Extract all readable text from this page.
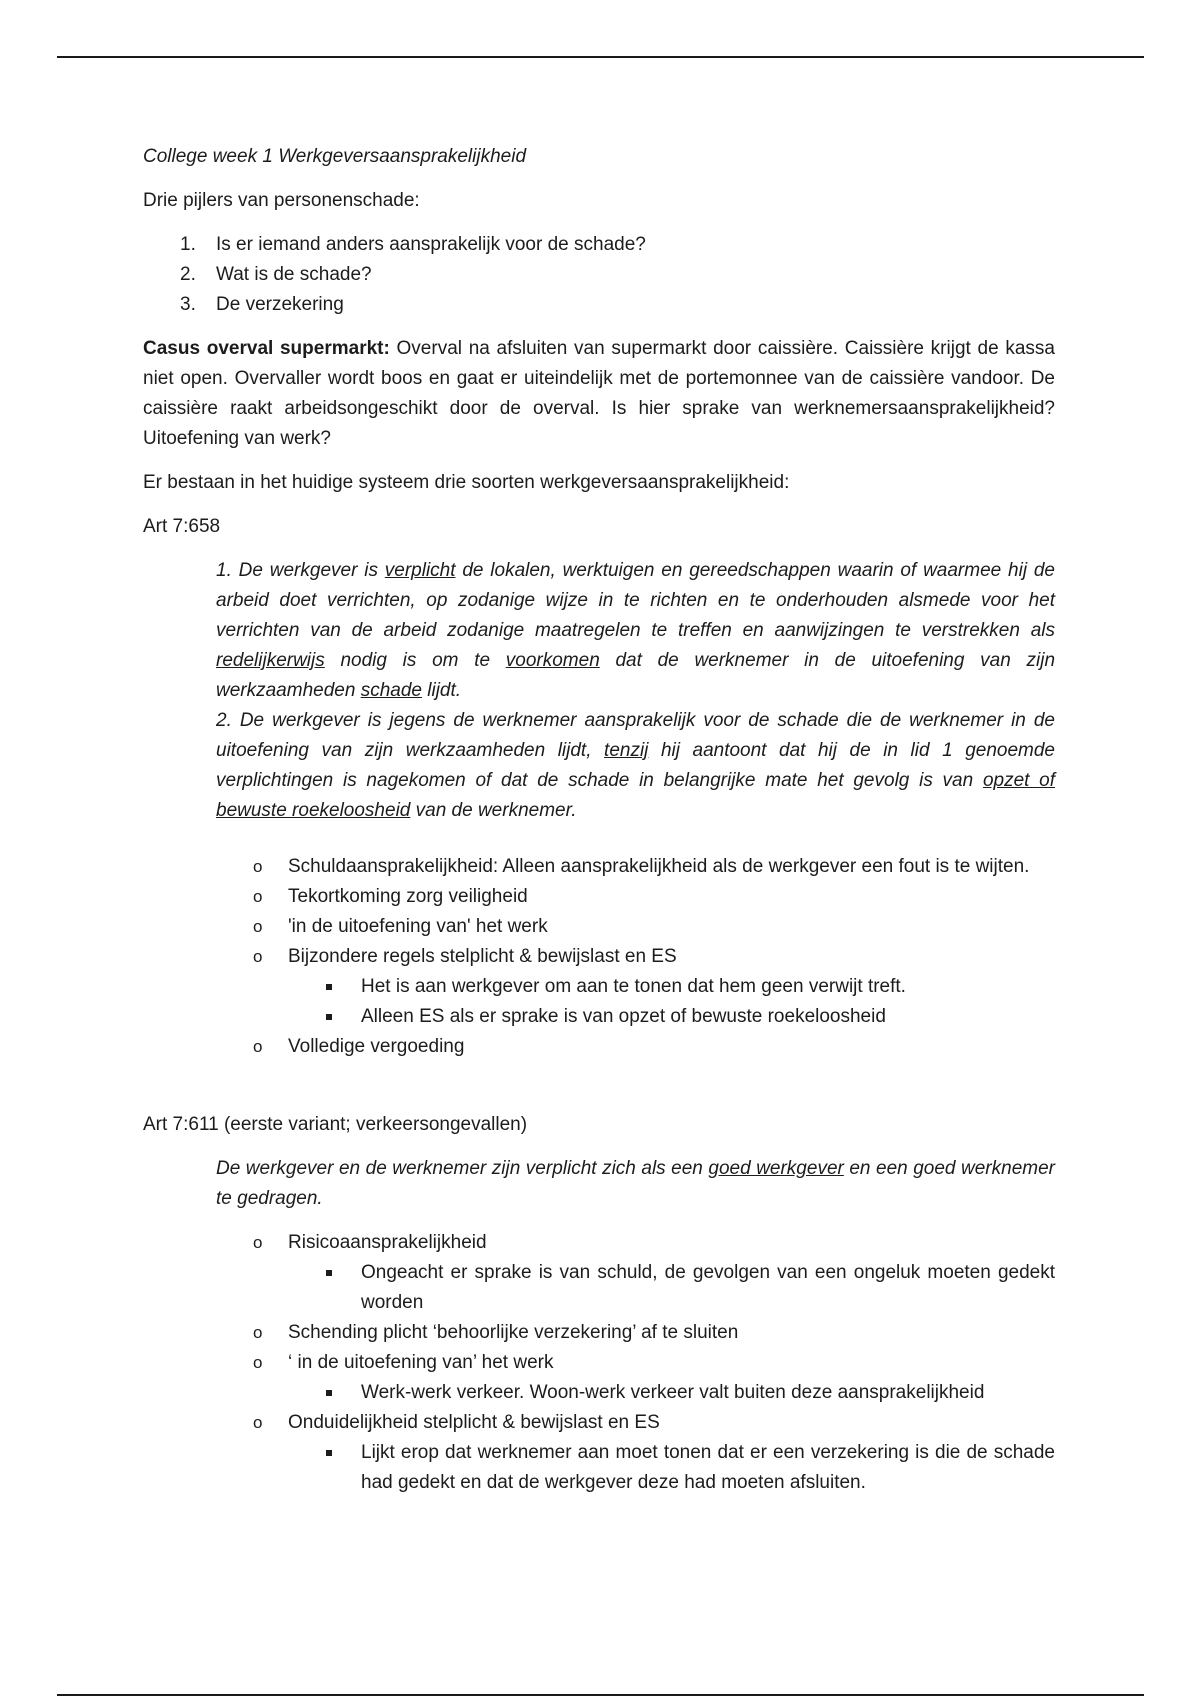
College week 1 Werkgeversaansprakelijkheid

Drie pijlers van personenschade:

1. Is er iemand anders aansprakelijk voor de schade?
2. Wat is de schade?
3. De verzekering

Casus overval supermarkt: Overval na afsluiten van supermarkt door caissière. Caissière krijgt de kassa niet open. Overvaller wordt boos en gaat er uiteindelijk met de portemonnee van de caissière vandoor. De caissière raakt arbeidsongeschikt door de overval. Is hier sprake van werknemersaansprakelijkheid? Uitoefening van werk?

Er bestaan in het huidige systeem drie soorten werkgeversaansprakelijkheid:

Art 7:658

1. De werkgever is verplicht de lokalen, werktuigen en gereedschappen waarin of waarmee hij de arbeid doet verrichten, op zodanige wijze in te richten en te onderhouden alsmede voor het verrichten van de arbeid zodanige maatregelen te treffen en aanwijzingen te verstrekken als redelijkerwijs nodig is om te voorkomen dat de werknemer in de uitoefening van zijn werkzaamheden schade lijdt.
2. De werkgever is jegens de werknemer aansprakelijk voor de schade die de werknemer in de uitoefening van zijn werkzaamheden lijdt, tenzij hij aantoont dat hij de in lid 1 genoemde verplichtingen is nagekomen of dat de schade in belangrijke mate het gevolg is van opzet of bewuste roekeloosheid van de werknemer.
o Schuldaansprakelijkheid: Alleen aansprakelijkheid als de werkgever een fout is te wijten.
o Tekortkoming zorg veiligheid
o 'in de uitoefening van' het werk
o Bijzondere regels stelplicht & bewijslast en ES
Het is aan werkgever om aan te tonen dat hem geen verwijt treft.
Alleen ES als er sprake is van opzet of bewuste roekeloosheid
o Volledige vergoeding

Art 7:611 (eerste variant; verkeersongevallen)

De werkgever en de werknemer zijn verplicht zich als een goed werkgever en een goed werknemer te gedragen.
o Risicoaansprakelijkheid
Ongeacht er sprake is van schuld, de gevolgen van een ongeluk moeten gedekt worden
o Schending plicht ‘behoorlijke verzekering’ af te sluiten
o ‘ in de uitoefening van’ het werk
Werk-werk verkeer. Woon-werk verkeer valt buiten deze aansprakelijkheid
o Onduidelijkheid stelplicht & bewijslast en ES
Lijkt erop dat werknemer aan moet tonen dat er een verzekering is die de schade had gedekt en dat de werkgever deze had moeten afsluiten.
